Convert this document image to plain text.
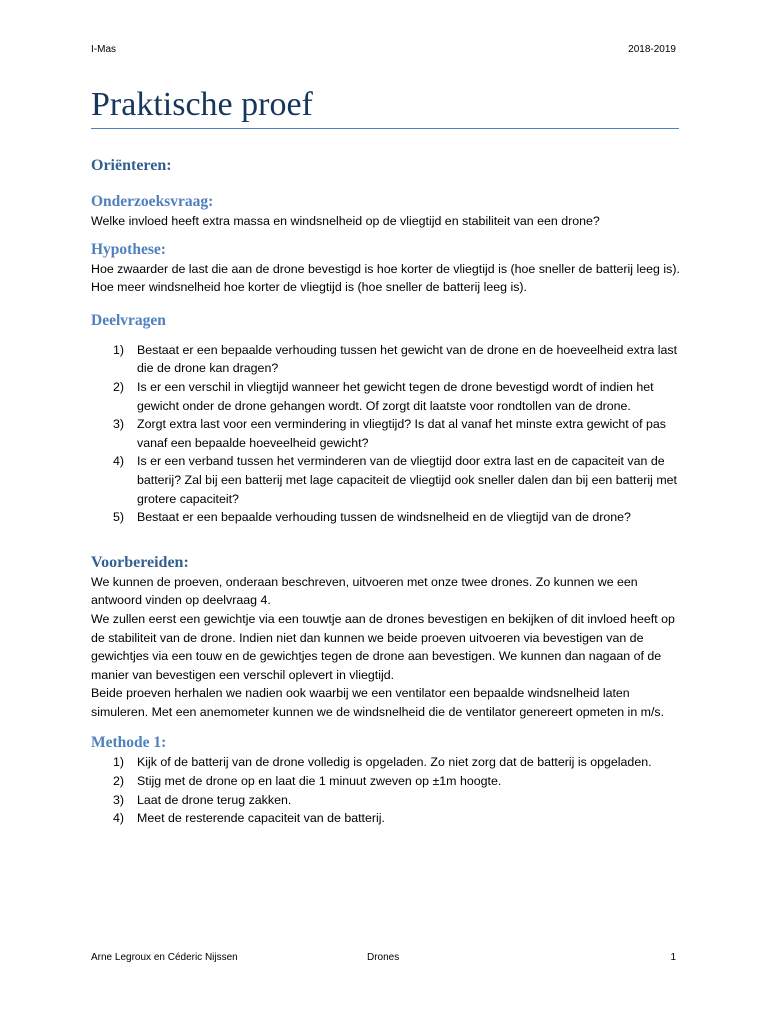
I-Mas	2018-2019
Praktische proef
Oriënteren:
Onderzoeksvraag:

Welke invloed heeft extra massa en windsnelheid op de vliegtijd en stabiliteit van een drone?

Hypothese:

Hoe zwaarder de last die aan de drone bevestigd is hoe korter de vliegtijd is (hoe sneller de batterij leeg is).

Hoe meer windsnelheid hoe korter de vliegtijd is (hoe sneller de batterij leeg is).

Deelvragen
1) Bestaat er een bepaalde verhouding tussen het gewicht van de drone en de hoeveelheid extra last die de drone kan dragen?
2) Is er een verschil in vliegtijd wanneer het gewicht tegen de drone bevestigd wordt of indien het gewicht onder de drone gehangen wordt. Of zorgt dit laatste voor rondtollen van de drone.
3) Zorgt extra last voor een vermindering in vliegtijd? Is dat al vanaf het minste extra gewicht of pas vanaf een bepaalde hoeveelheid gewicht?
4) Is er een verband tussen het verminderen van de vliegtijd door extra last en de capaciteit van de batterij? Zal bij een batterij met lage capaciteit de vliegtijd ook sneller dalen dan bij een batterij met grotere capaciteit?
5) Bestaat er een bepaalde verhouding tussen de windsnelheid en de vliegtijd van de drone?
Voorbereiden:

We kunnen de proeven, onderaan beschreven, uitvoeren met onze twee drones. Zo kunnen we een antwoord vinden op deelvraag 4.

We zullen eerst een gewichtje via een touwtje aan de drones bevestigen en bekijken of dit invloed heeft op de stabiliteit van de drone. Indien niet dan kunnen we beide proeven uitvoeren via bevestigen van de gewichtjes via een touw en de gewichtjes tegen de drone aan bevestigen. We kunnen dan nagaan of de manier van bevestigen een verschil oplevert in vliegtijd.

Beide proeven herhalen we nadien ook waarbij we een ventilator een bepaalde windsnelheid laten simuleren. Met een anemometer kunnen we de windsnelheid die de ventilator genereert opmeten in m/s.

Methode 1:
1) Kijk of de batterij van de drone volledig is opgeladen. Zo niet zorg dat de batterij is opgeladen.
2) Stijg met de drone op en laat die 1 minuut zweven op ±1m hoogte.
3) Laat de drone terug zakken.
4) Meet de resterende capaciteit van de batterij.
Arne Legroux en Céderic Nijssen	Drones	1
